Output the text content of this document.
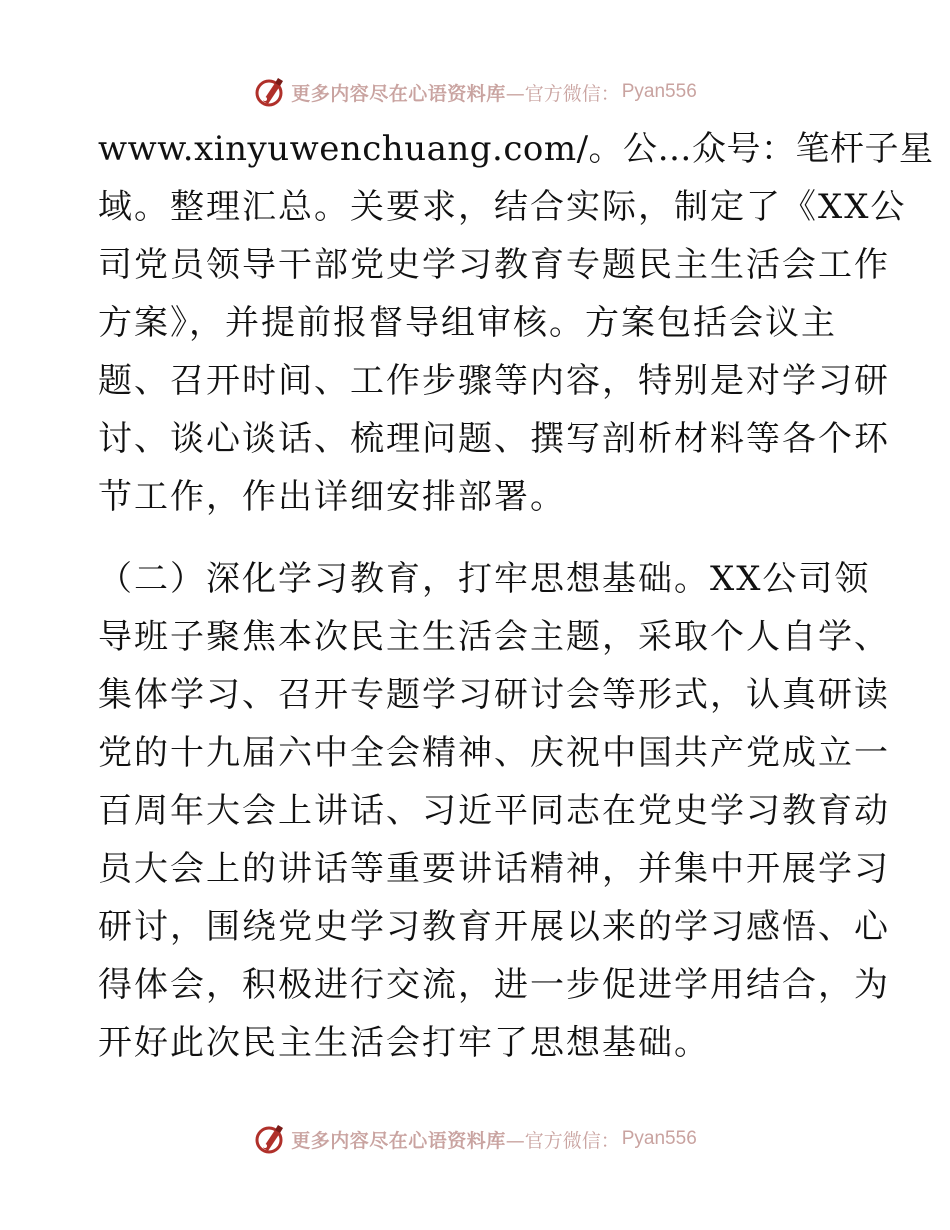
更多内容尽在心语资料库 —官方微信： Pyan556
www.xinyuwenchuang.com/。公…众号：笔杆子星
域。整理汇总。关要求，结合实际，制定了《XX公
司党员领导干部党史学习教育专题民主生活会工作
方案》，并提前报督导组审核。方案包括会议主
题、召开时间、工作步骤等内容，特别是对学习研
讨、谈心谈话、梳理问题、撰写剖析材料等各个环
节工作，作出详细安排部署。
（二）深化学习教育，打牢思想基础。XX公司领
导班子聚焦本次民主生活会主题，采取个人自学、
集体学习、召开专题学习研讨会等形式，认真研读
党的十九届六中全会精神、庆祝中国共产党成立一
百周年大会上讲话、习近平同志在党史学习教育动
员大会上的讲话等重要讲话精神，并集中开展学习
研讨，围绕党史学习教育开展以来的学习感悟、心
得体会，积极进行交流，进一步促进学用结合，为
开好此次民主生活会打牢了思想基础。
更多内容尽在心语资料库 —官方微信： Pyan556
